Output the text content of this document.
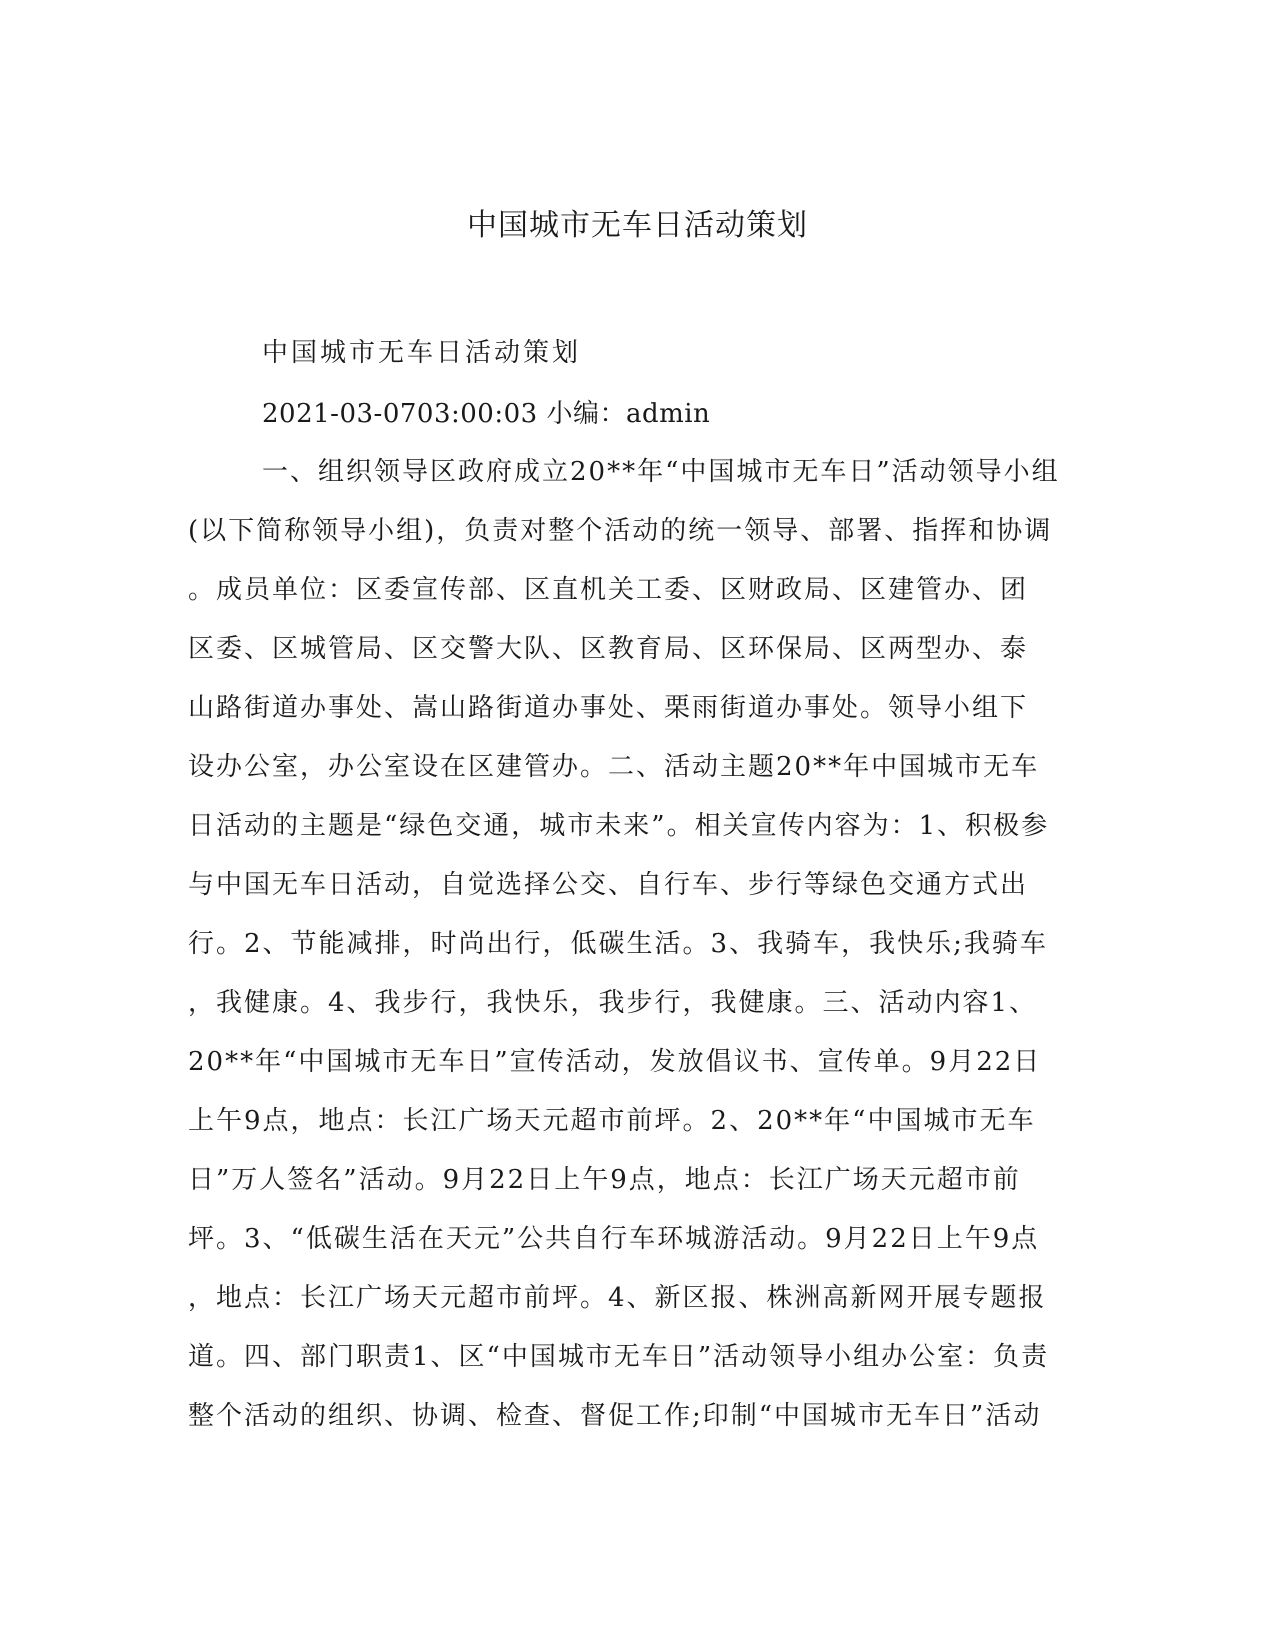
中国城市无车日活动策划

中国城市无车日活动策划

2021-03-0703:00:03 小编：admin

一、组织领导区政府成立20**年“中国城市无车日”活动领导小组

(以下简称领导小组)，负责对整个活动的统一领导、部署、指挥和协调

。成员单位：区委宣传部、区直机关工委、区财政局、区建管办、团

区委、区城管局、区交警大队、区教育局、区环保局、区两型办、泰

山路街道办事处、嵩山路街道办事处、栗雨街道办事处。领导小组下

设办公室，办公室设在区建管办。二、活动主题20**年中国城市无车

日活动的主题是“绿色交通，城市未来”。相关宣传内容为：1、积极参

与中国无车日活动，自觉选择公交、自行车、步行等绿色交通方式出

行。2、节能减排，时尚出行，低碳生活。3、我骑车，我快乐;我骑车

，我健康。4、我步行，我快乐，我步行，我健康。三、活动内容1、

20**年“中国城市无车日”宣传活动，发放倡议书、宣传单。9月22日

上午9点，地点：长江广场天元超市前坪。2、20**年“中国城市无车

日”万人签名”活动。9月22日上午9点，地点：长江广场天元超市前

坪。3、“低碳生活在天元”公共自行车环城游活动。9月22日上午9点

，地点：长江广场天元超市前坪。4、新区报、株洲高新网开展专题报

道。四、部门职责1、区“中国城市无车日”活动领导小组办公室：负责

整个活动的组织、协调、检查、督促工作;印制“中国城市无车日”活动
